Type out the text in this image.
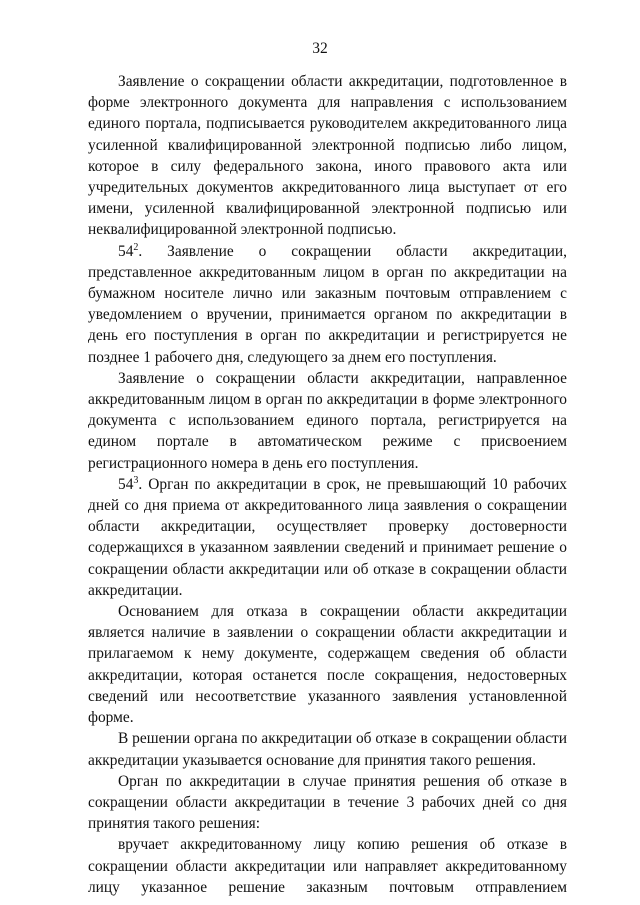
32

Заявление о сокращении области аккредитации, подготовленное в форме электронного документа для направления с использованием единого портала, подписывается руководителем аккредитованного лица усиленной квалифицированной электронной подписью либо лицом, которое в силу федерального закона, иного правового акта или учредительных документов аккредитованного лица выступает от его имени, усиленной квалифицированной электронной подписью или неквалифицированной электронной подписью.

$54^2$. Заявление о сокращении области аккредитации, представленное аккредитованным лицом в орган по аккредитации на бумажном носителе лично или заказным почтовым отправлением с уведомлением о вручении, принимается органом по аккредитации в день его поступления в орган по аккредитации и регистрируется не позднее 1 рабочего дня, следующего за днем его поступления.

Заявление о сокращении области аккредитации, направленное аккредитованным лицом в орган по аккредитации в форме электронного документа с использованием единого портала, регистрируется на едином портале в автоматическом режиме с присвоением регистрационного номера в день его поступления.

$54^3$. Орган по аккредитации в срок, не превышающий 10 рабочих дней со дня приема от аккредитованного лица заявления о сокращении области аккредитации, осуществляет проверку достоверности содержащихся в указанном заявлении сведений и принимает решение о сокращении области аккредитации или об отказе в сокращении области аккредитации.

Основанием для отказа в сокращении области аккредитации является наличие в заявлении о сокращении области аккредитации и прилагаемом к нему документе, содержащем сведения об области аккредитации, которая останется после сокращения, недостоверных сведений или несоответствие указанного заявления установленной форме.

В решении органа по аккредитации об отказе в сокращении области аккредитации указывается основание для принятия такого решения.

Орган по аккредитации в случае принятия решения об отказе в сокращении области аккредитации в течение 3 рабочих дней со дня принятия такого решения:

вручает аккредитованному лицу копию решения об отказе в сокращении области аккредитации или направляет аккредитованному лицу указанное решение заказным почтовым отправлением
